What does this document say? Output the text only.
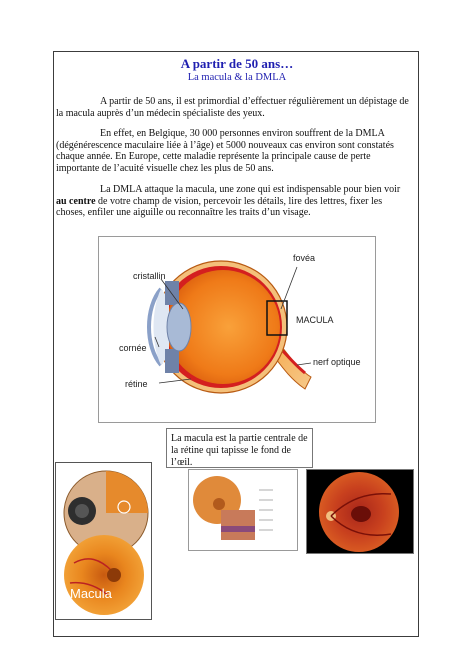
A partir de 50 ans…
La macula & la DMLA

A partir de 50 ans, il est primordial d’effectuer régulièrement un dépistage de la macula auprès d’un médecin spécialiste des yeux.

En effet, en Belgique, 30 000 personnes environ souffrent de la DMLA (dégénérescence maculaire liée à l’âge) et 5000 nouveaux cas environ sont constatés chaque année. En Europe, cette maladie représente la principale cause de perte importante de l’acuité visuelle chez les plus de 50 ans.

La DMLA attaque la macula, une zone qui est indispensable pour bien voir au centre de votre champ de vision, percevoir les détails, lire des lettres, fixer les choses, enfiler une aiguille ou reconnaître les traits d’un visage.

cristallin
cornée
rétine
fovéa
MACULA
nerf optique
La macula est la partie centrale de la rétine qui tapisse le fond de l’œil.
Macula
